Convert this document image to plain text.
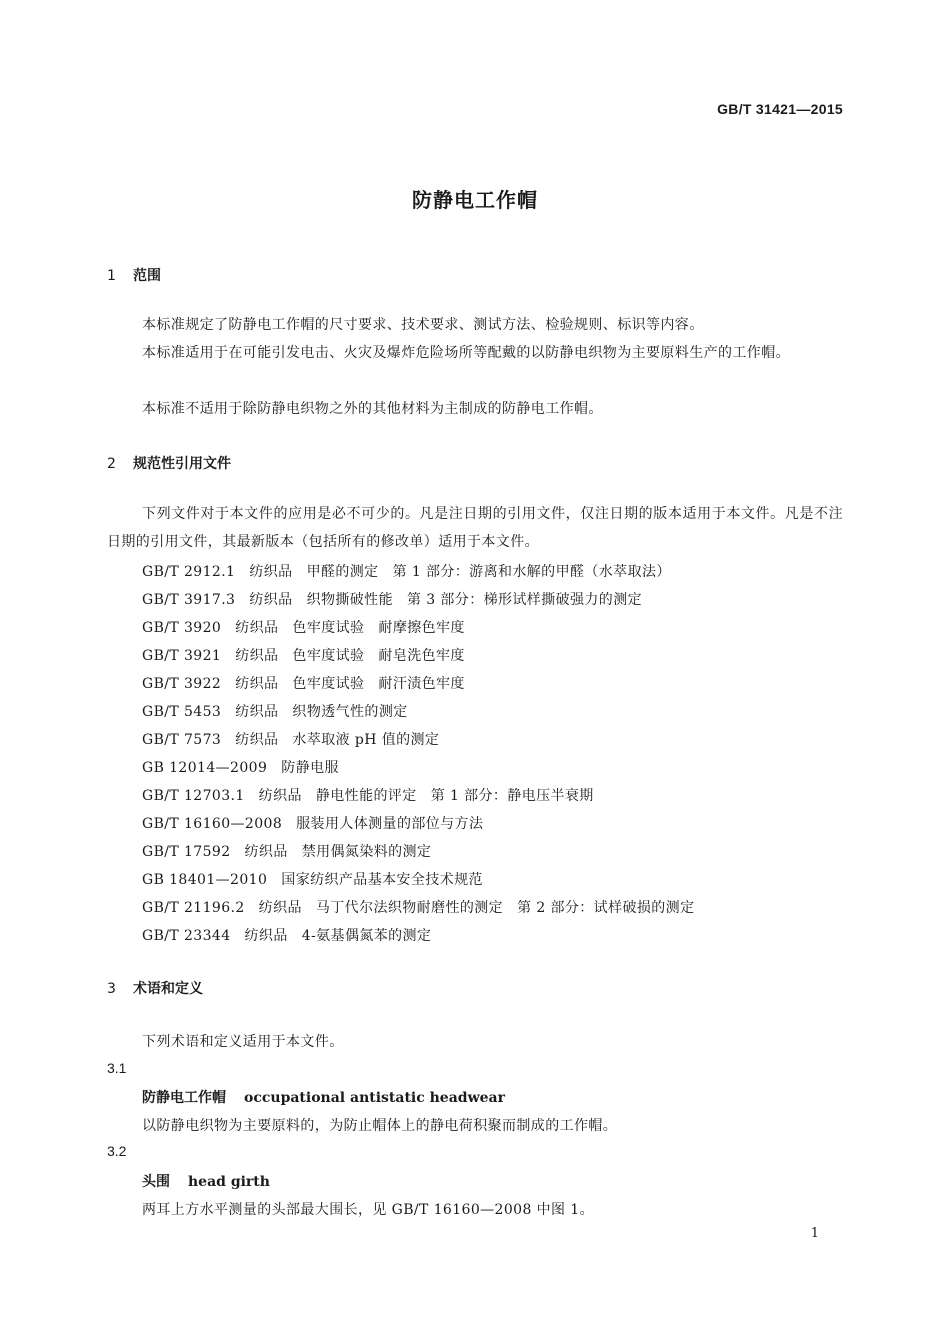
GB/T 31421—2015
防静电工作帽
1 范围
本标准规定了防静电工作帽的尺寸要求、技术要求、测试方法、检验规则、标识等内容。
本标准适用于在可能引发电击、火灾及爆炸危险场所等配戴的以防静电织物为主要原料生产的工作帽。
本标准不适用于除防静电织物之外的其他材料为主制成的防静电工作帽。
2 规范性引用文件
下列文件对于本文件的应用是必不可少的。凡是注日期的引用文件，仅注日期的版本适用于本文件。凡是不注日期的引用文件，其最新版本（包括所有的修改单）适用于本文件。
GB/T 2912.1 纺织品 甲醛的测定 第 1 部分：游离和水解的甲醛（水萃取法）
GB/T 3917.3 纺织品 织物撕破性能 第 3 部分：梯形试样撕破强力的测定
GB/T 3920 纺织品 色牢度试验 耐摩擦色牢度
GB/T 3921 纺织品 色牢度试验 耐皂洗色牢度
GB/T 3922 纺织品 色牢度试验 耐汗渍色牢度
GB/T 5453 纺织品 织物透气性的测定
GB/T 7573 纺织品 水萃取液 pH 值的测定
GB 12014—2009 防静电服
GB/T 12703.1 纺织品 静电性能的评定 第 1 部分：静电压半衰期
GB/T 16160—2008 服装用人体测量的部位与方法
GB/T 17592 纺织品 禁用偶氮染料的测定
GB 18401—2010 国家纺织产品基本安全技术规范
GB/T 21196.2 纺织品 马丁代尔法织物耐磨性的测定 第 2 部分：试样破损的测定
GB/T 23344 纺织品 4-氨基偶氮苯的测定
3 术语和定义
下列术语和定义适用于本文件。
3.1
防静电工作帽 occupational antistatic headwear
以防静电织物为主要原料的，为防止帽体上的静电荷积聚而制成的工作帽。
3.2
头围 head girth
两耳上方水平测量的头部最大围长，见 GB/T 16160—2008 中图 1。
1
